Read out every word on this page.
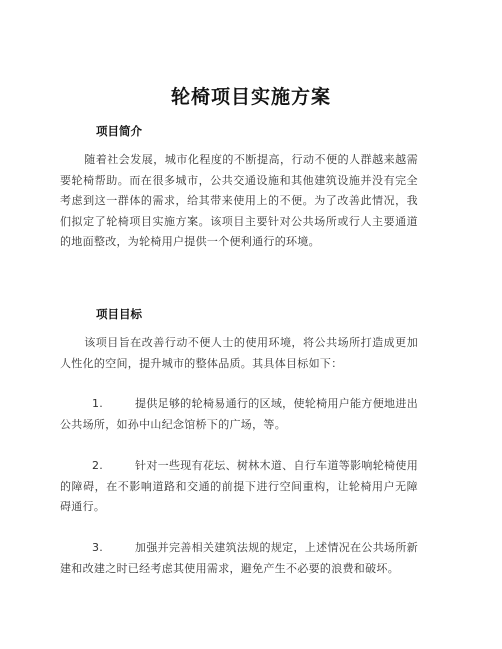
轮椅项目实施方案
项目简介

随着社会发展，城市化程度的不断提高，行动不便的人群越来越需要轮椅帮助。而在很多城市，公共交通设施和其他建筑设施并没有完全考虑到这一群体的需求，给其带来使用上的不便。为了改善此情况，我们拟定了轮椅项目实施方案。该项目主要针对公共场所或行人主要通道的地面整改，为轮椅用户提供一个便利通行的环境。

项目目标

该项目旨在改善行动不便人士的使用环境，将公共场所打造成更加人性化的空间，提升城市的整体品质。其具体目标如下：

1.	提供足够的轮椅易通行的区域，使轮椅用户能方便地进出公共场所，如孙中山纪念馆桥下的广场，等。

2.	针对一些现有花坛、树林木道、自行车道等影响轮椅使用的障碍，在不影响道路和交通的前提下进行空间重构，让轮椅用户无障碍通行。

3.	加强并完善相关建筑法规的规定，上述情况在公共场所新建和改建之时已经考虑其使用需求，避免产生不必要的浪费和破坏。
